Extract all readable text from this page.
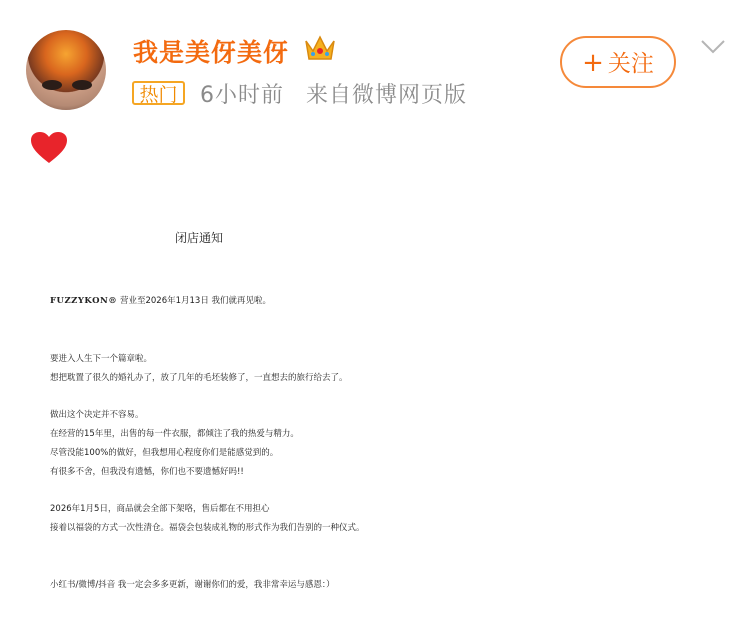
我是美伢美伢
热门	6小时前 来自微博网页版
+ 关注
闭店通知
FUZZYKON® 营业至2026年1月13日 我们就再见啦。
要进入人生下一个篇章啦。
想把耽置了很久的婚礼办了，放了几年的毛坯装修了，一直想去的旅行给去了。
做出这个决定并不容易。
在经营的15年里，出售的每一件衣服，都倾注了我的热爱与精力。
尽管没能100%的做好，但我想用心程度你们是能感觉到的。
有很多不舍，但我没有遗憾，你们也不要遗憾好吗!!
2026年1月5日，商品就会全部下架咯，售后都在不用担心
接着以福袋的方式一次性清仓。福袋会包装成礼物的形式作为我们告别的一种仪式。
小红书/微博/抖音 我一定会多多更新，谢谢你们的爱，我非常幸运与感恩：）
